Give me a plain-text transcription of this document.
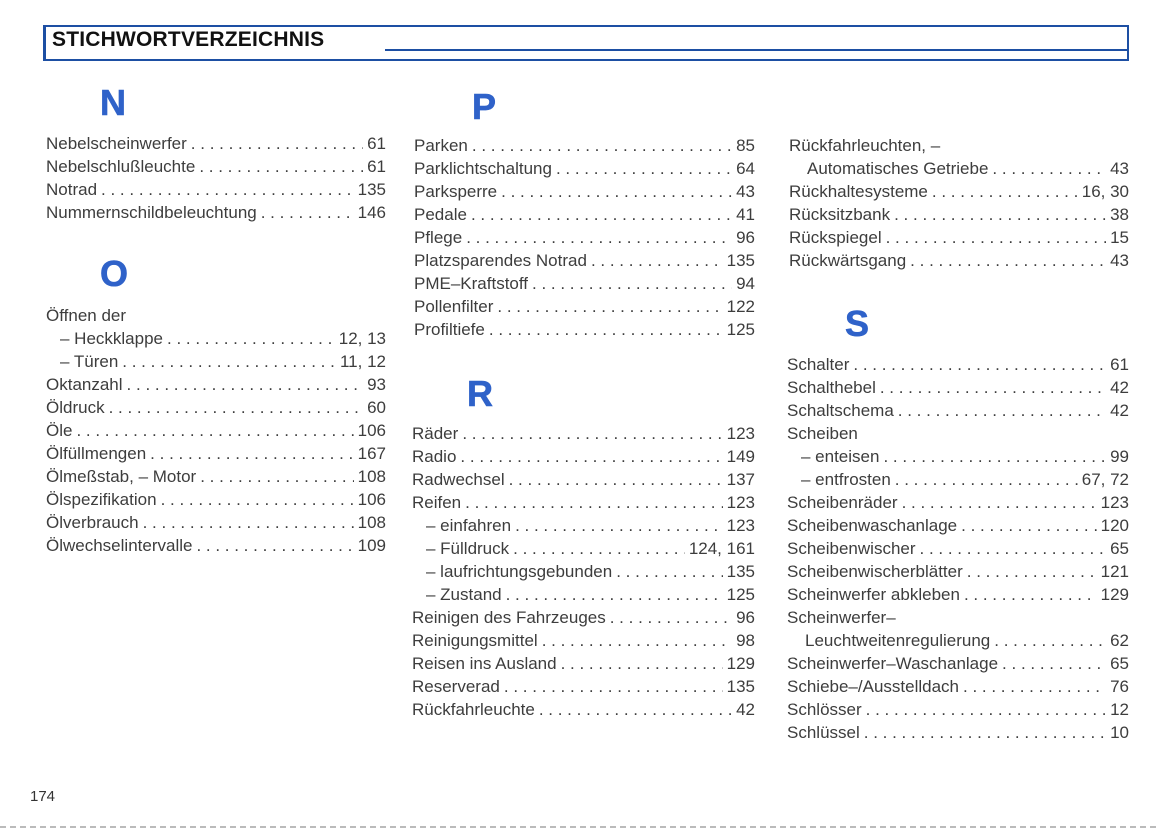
STICHWORTVERZEICHNIS
N
Nebelscheinwerfer . . .	61
Nebelschlußleuchte . . .	61
Notrad . . .	135
Nummernschildbeleuchtung . . .	146
O
Öffnen der
– Heckklappe . . .	12, 13
– Türen . . .	11, 12
Oktanzahl . . .	93
Öldruck . . .	60
Öle . . .	106
Ölfüllmengen . . .	167
Ölmeßstab, – Motor . . .	108
Ölspezifikation . . .	106
Ölverbrauch . . .	108
Ölwechselintervalle . . .	109
P
Parken . . .	85
Parklichtschaltung . . .	64
Parksperre . . .	43
Pedale . . .	41
Pflege . . .	96
Platzsparendes Notrad . . .	135
PME–Kraftstoff . . .	94
Pollenfilter . . .	122
Profiltiefe . . .	125
R
Räder . . .	123
Radio . . .	149
Radwechsel . . .	137
Reifen . . .	123
– einfahren . . .	123
– Fülldruck . . .	124, 161
– laufrichtungsgebunden . . .	135
– Zustand . . .	125
Reinigen des Fahrzeuges . . .	96
Reinigungsmittel . . .	98
Reisen ins Ausland . . .	129
Reserverad . . .	135
Rückfahrleuchte . . .	42
Rückfahrleuchten, –
Automatisches Getriebe . . .	43
Rückhaltesysteme . . .	16, 30
Rücksitzbank . . .	38
Rückspiegel . . .	15
Rückwärtsgang . . .	43
S
Schalter . . .	61
Schalthebel . . .	42
Schaltschema . . .	42
Scheiben
– enteisen . . .	99
– entfrosten . . .	67, 72
Scheibenräder . . .	123
Scheibenwaschanlage . . .	120
Scheibenwischer . . .	65
Scheibenwischerblätter . . .	121
Scheinwerfer abkleben . . .	129
Scheinwerfer–
Leuchtweitenregulierung . . .	62
Scheinwerfer–Waschanlage . . .	65
Schiebe–/Ausstelldach . . .	76
Schlösser . . .	12
Schlüssel . . .	10
174
